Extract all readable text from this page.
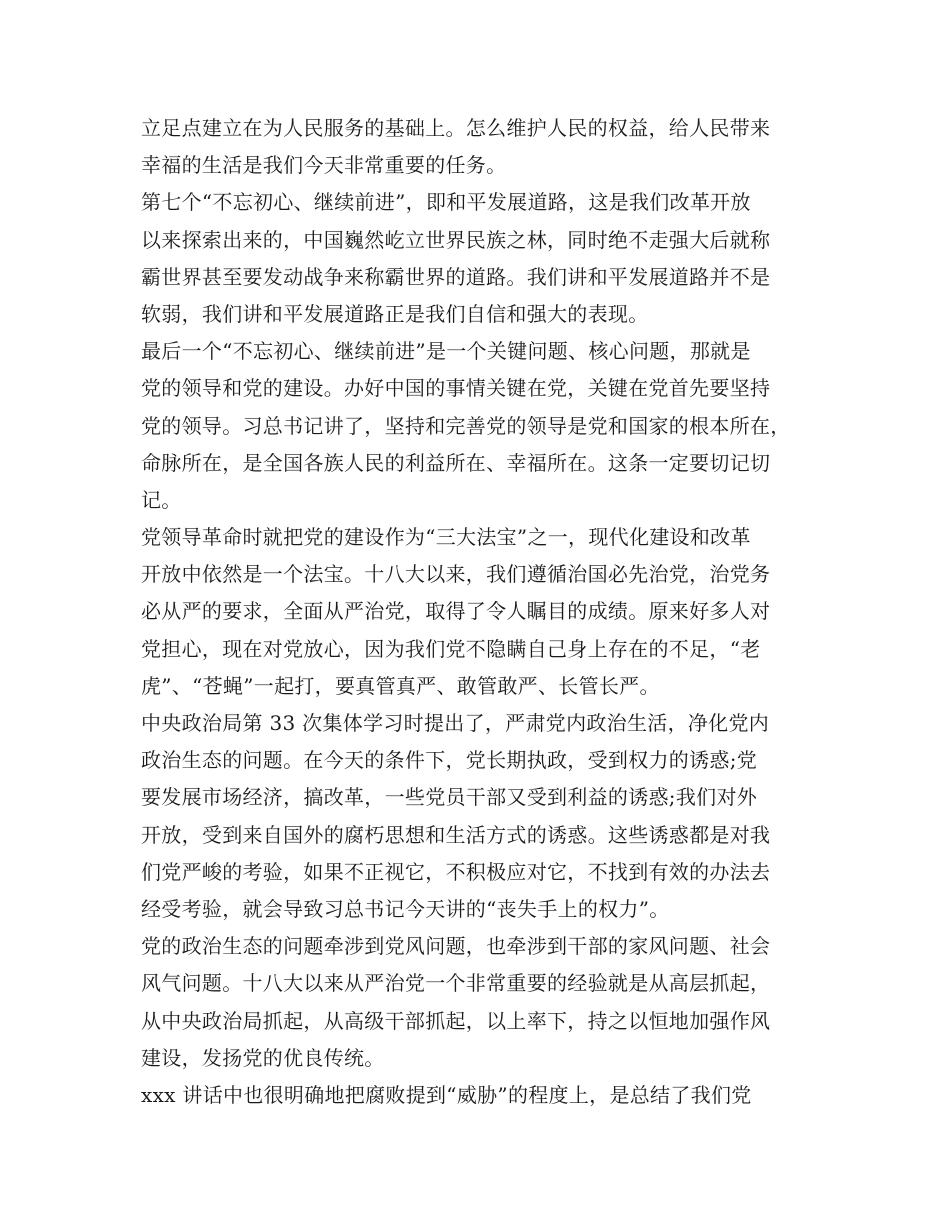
立足点建立在为人民服务的基础上。怎么维护人民的权益，给人民带来
幸福的生活是我们今天非常重要的任务。
第七个“不忘初心、继续前进”，即和平发展道路，这是我们改革开放
以来探索出来的，中国巍然屹立世界民族之林，同时绝不走强大后就称
霸世界甚至要发动战争来称霸世界的道路。我们讲和平发展道路并不是
软弱，我们讲和平发展道路正是我们自信和强大的表现。
最后一个“不忘初心、继续前进”是一个关键问题、核心问题，那就是
党的领导和党的建设。办好中国的事情关键在党，关键在党首先要坚持
党的领导。习总书记讲了，坚持和完善党的领导是党和国家的根本所在，
命脉所在，是全国各族人民的利益所在、幸福所在。这条一定要切记切
记。
党领导革命时就把党的建设作为“三大法宝”之一，现代化建设和改革
开放中依然是一个法宝。十八大以来，我们遵循治国必先治党，治党务
必从严的要求，全面从严治党，取得了令人瞩目的成绩。原来好多人对
党担心，现在对党放心，因为我们党不隐瞒自己身上存在的不足，“老
虎”、“苍蝇”一起打，要真管真严、敢管敢严、长管长严。
中央政治局第 33 次集体学习时提出了，严肃党内政治生活，净化党内
政治生态的问题。在今天的条件下，党长期执政，受到权力的诱惑;党
要发展市场经济，搞改革，一些党员干部又受到利益的诱惑;我们对外
开放，受到来自国外的腐朽思想和生活方式的诱惑。这些诱惑都是对我
们党严峻的考验，如果不正视它，不积极应对它，不找到有效的办法去
经受考验，就会导致习总书记今天讲的“丧失手上的权力”。
党的政治生态的问题牵涉到党风问题，也牵涉到干部的家风问题、社会
风气问题。十八大以来从严治党一个非常重要的经验就是从高层抓起，
从中央政治局抓起，从高级干部抓起，以上率下，持之以恒地加强作风
建设，发扬党的优良传统。
xxx 讲话中也很明确地把腐败提到“威胁”的程度上，是总结了我们党
